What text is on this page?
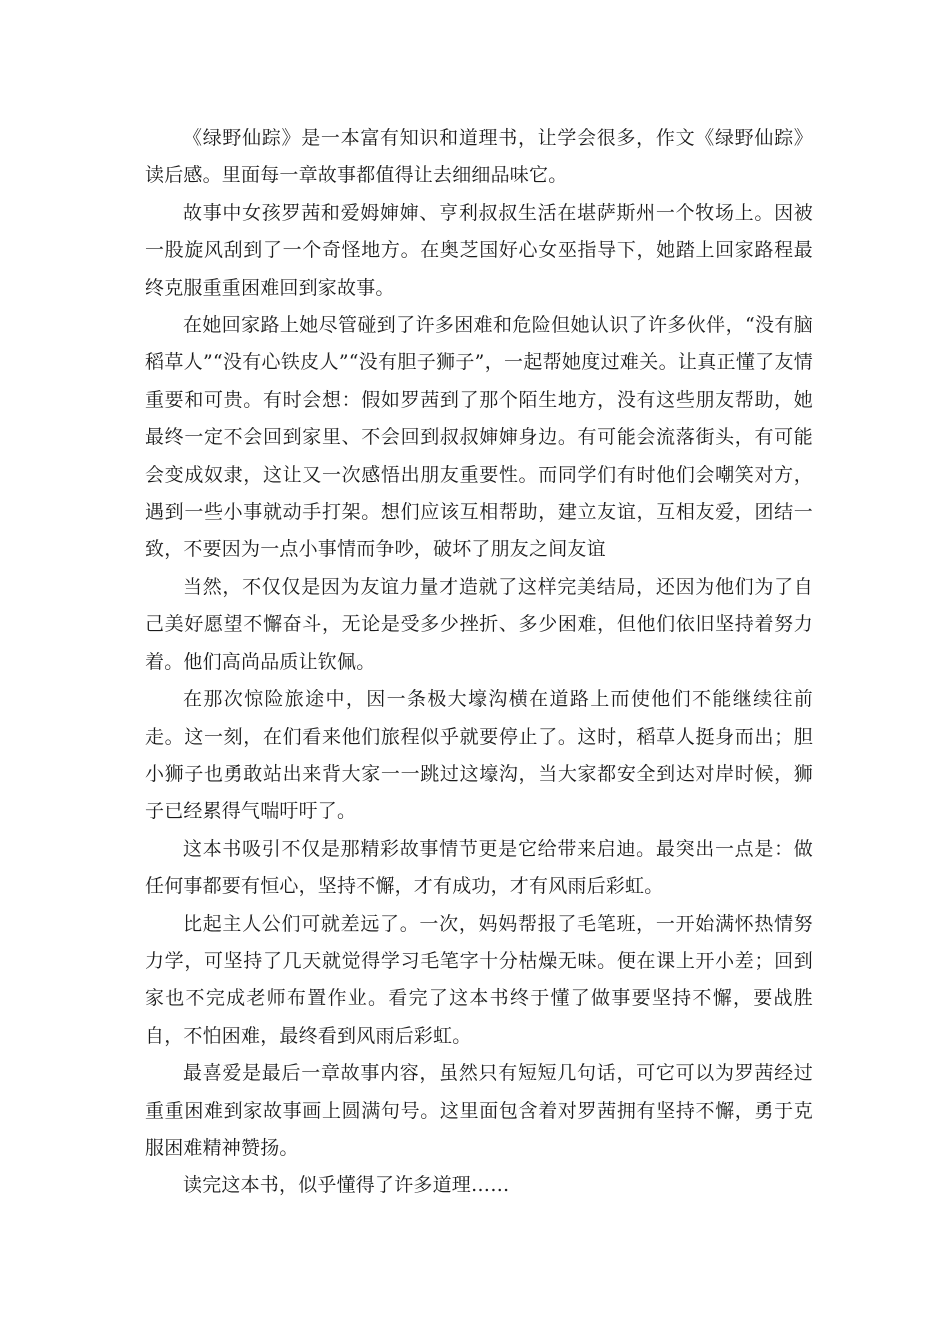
《绿野仙踪》是一本富有知识和道理书，让学会很多，作文《绿野仙踪》读后感。里面每一章故事都值得让去细细品味它。

故事中女孩罗茜和爱姆婶婶、亨利叔叔生活在堪萨斯州一个牧场上。因被一股旋风刮到了一个奇怪地方。在奥芝国好心女巫指导下，她踏上回家路程最终克服重重困难回到家故事。

在她回家路上她尽管碰到了许多困难和危险但她认识了许多伙伴，“没有脑稻草人”“没有心铁皮人”“没有胆子狮子”，一起帮她度过难关。让真正懂了友情重要和可贵。有时会想：假如罗茜到了那个陌生地方，没有这些朋友帮助，她最终一定不会回到家里、不会回到叔叔婶婶身边。有可能会流落街头，有可能会变成奴隶，这让又一次感悟出朋友重要性。而同学们有时他们会嘲笑对方，遇到一些小事就动手打架。想们应该互相帮助，建立友谊，互相友爱，团结一致，不要因为一点小事情而争吵，破坏了朋友之间友谊

当然，不仅仅是因为友谊力量才造就了这样完美结局，还因为他们为了自己美好愿望不懈奋斗，无论是受多少挫折、多少困难，但他们依旧坚持着努力着。他们高尚品质让钦佩。

在那次惊险旅途中，因一条极大壕沟横在道路上而使他们不能继续往前走。这一刻，在们看来他们旅程似乎就要停止了。这时，稻草人挺身而出；胆小狮子也勇敢站出来背大家一一跳过这壕沟，当大家都安全到达对岸时候，狮子已经累得气喘吁吁了。

这本书吸引不仅是那精彩故事情节更是它给带来启迪。最突出一点是：做任何事都要有恒心，坚持不懈，才有成功，才有风雨后彩虹。

比起主人公们可就差远了。一次，妈妈帮报了毛笔班，一开始满怀热情努力学，可坚持了几天就觉得学习毛笔字十分枯燥无味。便在课上开小差；回到家也不完成老师布置作业。看完了这本书终于懂了做事要坚持不懈，要战胜自，不怕困难，最终看到风雨后彩虹。

最喜爱是最后一章故事内容，虽然只有短短几句话，可它可以为罗茜经过重重困难到家故事画上圆满句号。这里面包含着对罗茜拥有坚持不懈，勇于克服困难精神赞扬。

读完这本书，似乎懂得了许多道理……
